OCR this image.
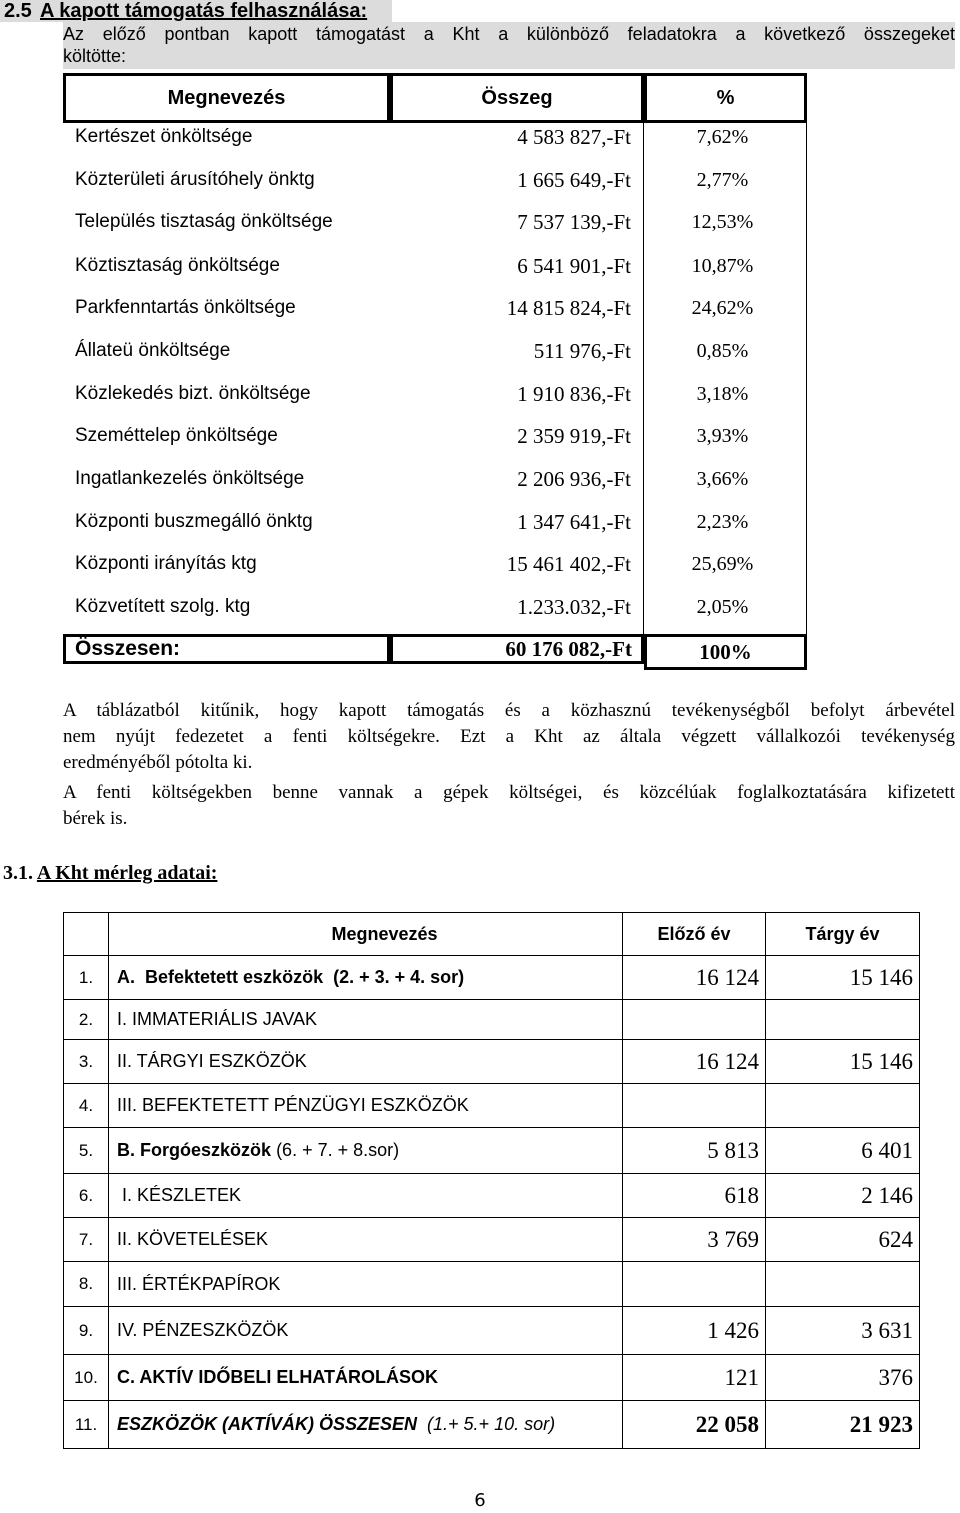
2.5 A kapott támogatás felhasználása:
Az előző pontban kapott támogatást a Kht a különböző feladatokra a következő összegeket
költötte:
Megnevezés	Összeg	%
Kertészet önköltsége	4 583 827,-Ft	7,62%
Közterületi árusítóhely önktg	1 665 649,-Ft	2,77%
Település tisztaság önköltsége	7 537 139,-Ft	12,53%
Köztisztaság önköltsége	6 541 901,-Ft	10,87%
Parkfenntartás önköltsége	14 815 824,-Ft	24,62%
Állateü önköltsége	511 976,-Ft	0,85%
Közlekedés bizt. önköltsége	1 910 836,-Ft	3,18%
Szeméttelep önköltsége	2 359 919,-Ft	3,93%
Ingatlankezelés önköltsége	2 206 936,-Ft	3,66%
Központi buszmegálló önktg	1 347 641,-Ft	2,23%
Központi irányítás ktg	15 461 402,-Ft	25,69%
Közvetített szolg. ktg	1.233.032,-Ft	2,05%
Összesen:	60 176 082,-Ft	100%
A táblázatból kitűnik, hogy kapott támogatás és a közhasznú tevékenységből befolyt árbevétel
nem nyújt fedezetet a fenti költségekre. Ezt a Kht az általa végzett vállalkozói tevékenység
eredményéből pótolta ki.
A fenti költségekben benne vannak a gépek költségei, és közcélúak foglalkoztatására kifizetett
bérek is.
3.1. A Kht mérleg adatai:
	Megnevezés	Előző év	Tárgy év
1.	A. Befektetett eszközök (2. + 3. + 4. sor)	16 124	15 146
2.	I. IMMATERIÁLIS JAVAK		
3.	II. TÁRGYI ESZKÖZÖK	16 124	15 146
4.	III. BEFEKTETETT PÉNZÜGYI ESZKÖZÖK		
5.	B. Forgóeszközök (6. + 7. + 8.sor)	5 813	6 401
6.	I. KÉSZLETEK	618	2 146
7.	II. KÖVETELÉSEK	3 769	624
8.	III. ÉRTÉKPAPÍROK		
9.	IV. PÉNZESZKÖZÖK	1 426	3 631
10.	C. AKTÍV IDŐBELI ELHATÁROLÁSOK	121	376
11.	ESZKÖZÖK (AKTÍVÁK) ÖSSZESEN (1.+ 5.+ 10. sor)	22 058	21 923
6
